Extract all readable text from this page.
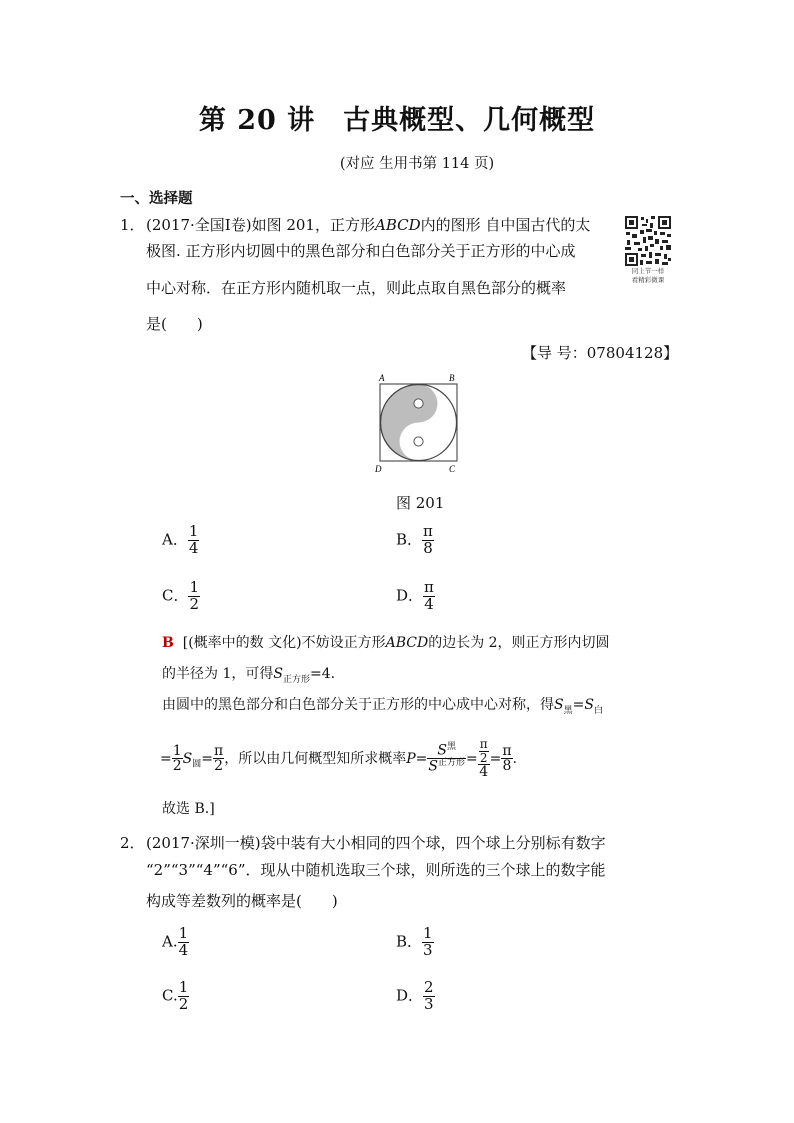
第 20 讲　古典概型、几何概型
(对应 生用书第 114 页)
一、选择题
1． (2017·全国Ⅰ卷)如图 201，正方形ABCD内的图形 自中国古代的太
极图. 正方形内切圆中的黑色部分和白色部分关于正方形的中心成
中心对称．在正方形内随机取一点，则此点取自黑色部分的概率
是(　　)
【导 号：07804128】
同上节一样
看精彩微课
A	B
C
D
图 201
A． $\frac{1}{4}$	B． $\frac{\pi}{8}$
C． $\frac{1}{2}$	D． $\frac{\pi}{4}$
B [(概率中的数 文化)不妨设正方形ABCD的边长为 2，则正方形内切圆
的半径为 1，可得$S_{正方形}=4$.
由圆中的黑色部分和白色部分关于正方形的中心成中心对称，得$S_黑=S_白$
= $\frac{1}{2} S_圆= \frac{\pi}{2}$ ，所以由几何概型知所求概率$P= \frac{S^黑}{S^{正方形}} = \frac{\frac{\pi}{2}}{4} = \frac{\pi}{8}$ .
故选 B.]
2． (2017·深圳一模)袋中装有大小相同的四个球，四个球上分别标有数字
“2”“3”“4”“6”．现从中随机选取三个球，则所选的三个球上的数字能
构成等差数列的概率是(　　)
A. $\frac{1}{4}$	B． $\frac{1}{3}$
C. $\frac{1}{2}$	D． $\frac{2}{3}$
